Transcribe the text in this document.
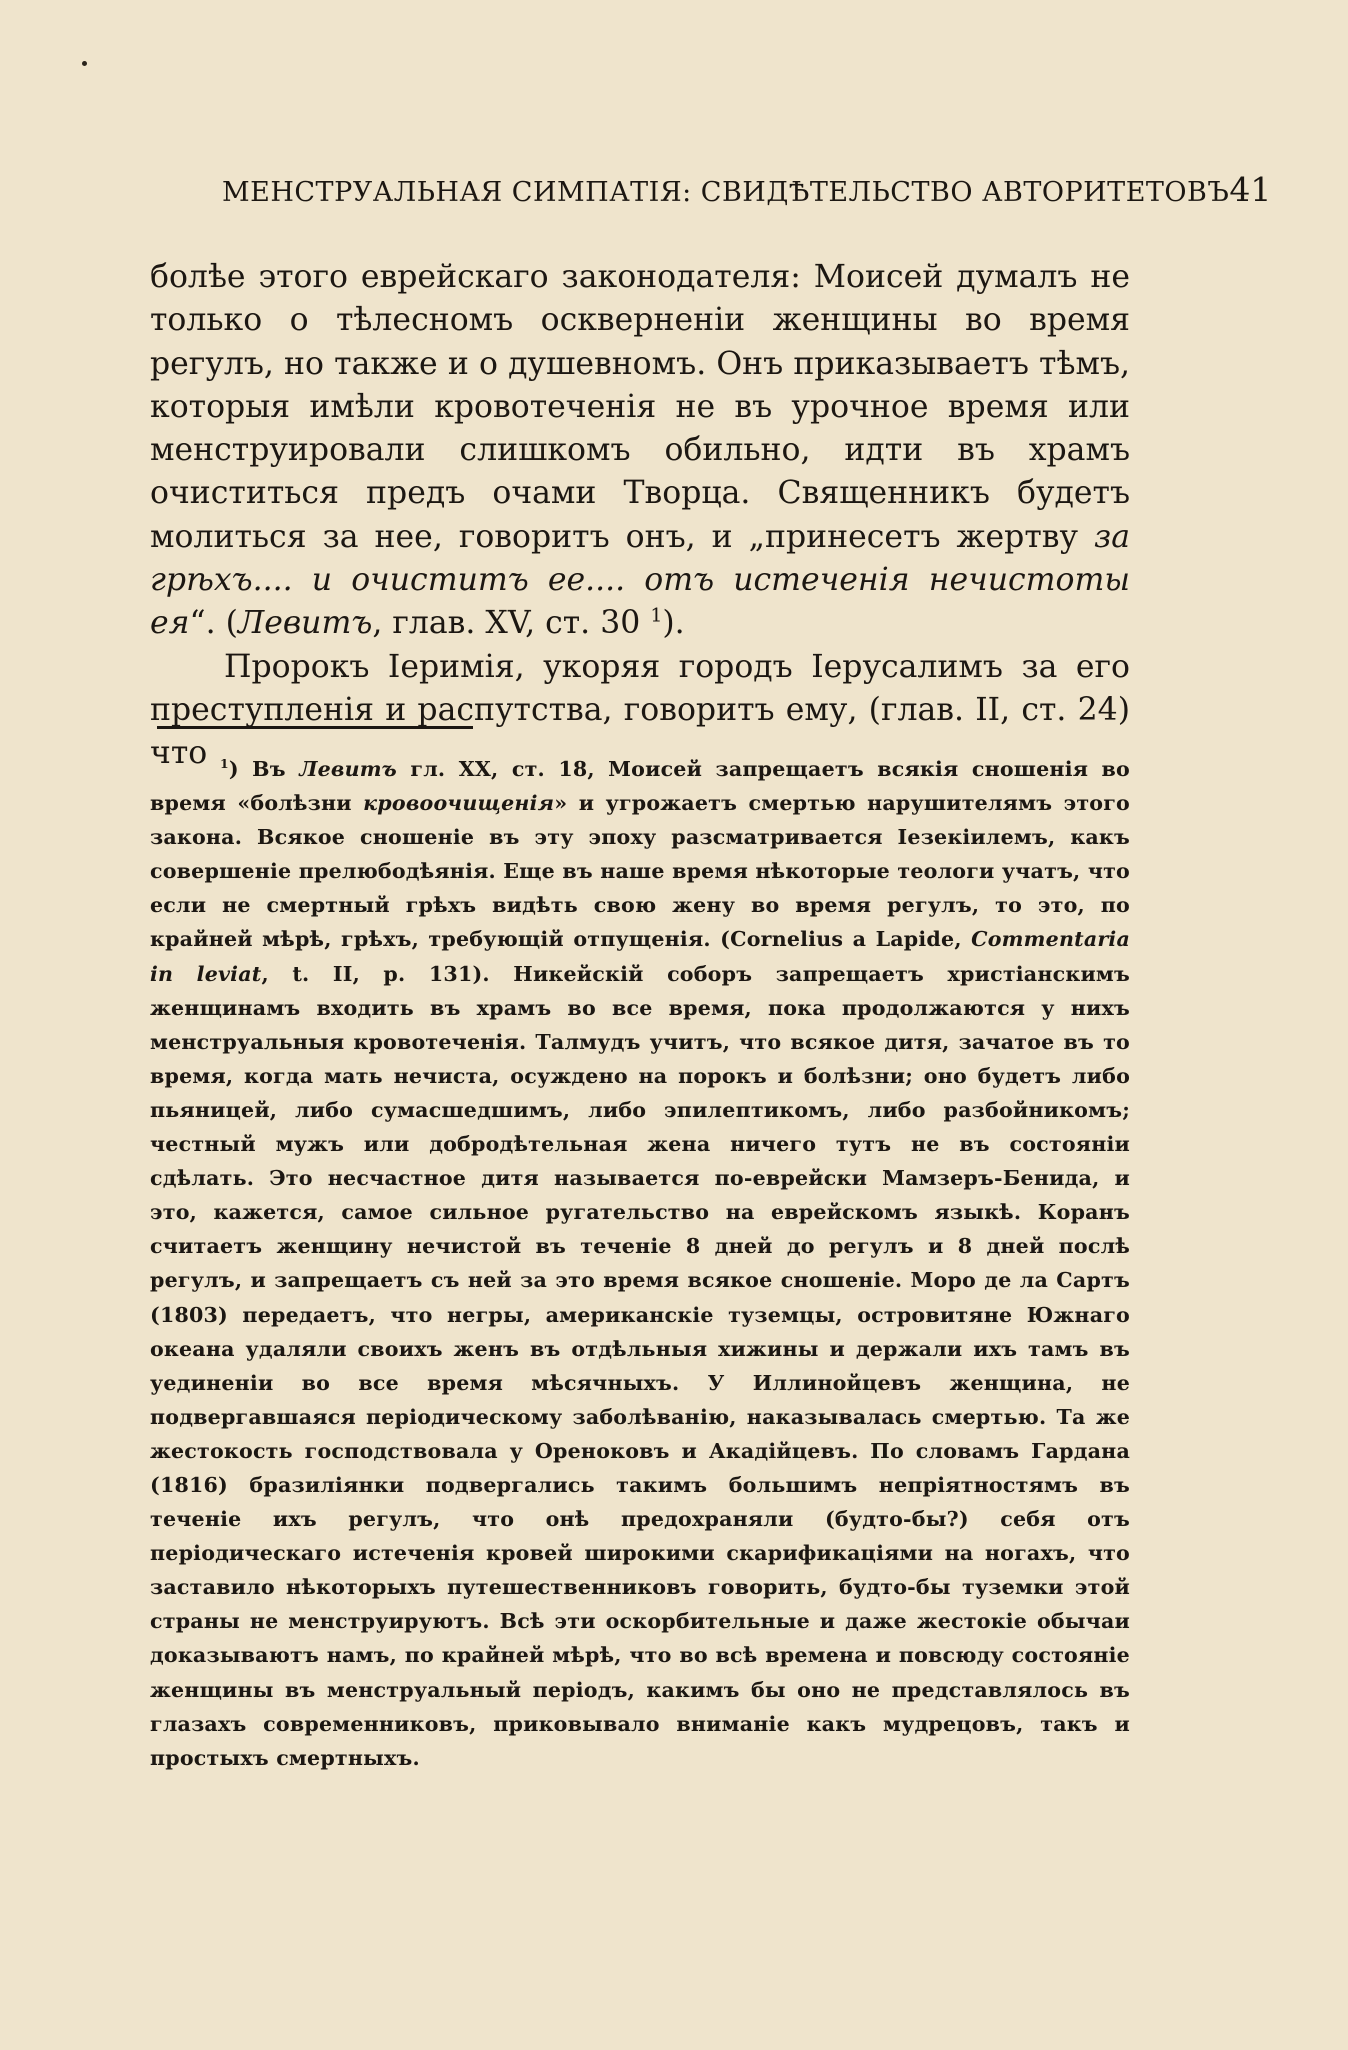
МЕНСТРУАЛЬНАЯ СИМПАТІЯ: СВИДѢТЕЛЬСТВО АВТОРИТЕТОВЪ 41

болѣе этого еврейскаго законодателя: Моисей думалъ не только о тѣлесномъ оскверненіи женщины во время регулъ, но также и о душевномъ. Онъ приказываетъ тѣмъ, которыя имѣли кровотеченія не въ урочное время или менструировали слишкомъ обильно, идти въ храмъ очиститься предъ очами Творца. Священникъ будетъ молиться за нее, говоритъ онъ, и „принесетъ жертву за грѣхъ.... и очиститъ ее.... отъ истеченія нечистоты ея“. (Левитъ, глав. XV, ст. 30 $^1$).

Пророкъ Іеримія, укоряя городъ Іерусалимъ за его преступленія и распутства, говоритъ ему, (глав. II, ст. 24) что	$^1$) Въ Левитъ гл. XX, ст. 18, Моисей запрещаетъ всякія сношенія во время «болѣзни кровоочищенія» и угрожаетъ смертью нарушителямъ этого закона. Всякое сношеніе въ эту эпоху разсматривается Іезекіилемъ, какъ совершеніе прелюбодѣянія. Еще въ наше время нѣкоторые теологи учатъ, что если не смертный грѣхъ видѣть свою жену во время регулъ, то это, по крайней мѣрѣ, грѣхъ, требующій отпущенія. (Cornelius a Lapide, Commentaria in leviat, t. II, p. 131). Никейскій соборъ запрещаетъ христіанскимъ женщинамъ входить въ храмъ во все время, пока продолжаются у нихъ менструальныя кровотеченія. Талмудъ учитъ, что всякое дитя, зачатое въ то время, когда мать нечиста, осуждено на порокъ и болѣзни; оно будетъ либо пьяницей, либо сумасшедшимъ, либо эпилептикомъ, либо разбойникомъ; честный мужъ или добродѣтельная жена ничего тутъ не въ состояніи сдѣлать. Это несчастное дитя называется по-еврейски Мамзеръ-Бенида, и это, кажется, самое сильное ругательство на еврейскомъ языкѣ. Коранъ считаетъ женщину нечистой въ теченіе 8 дней до регулъ и 8 дней послѣ регулъ, и запрещаетъ съ ней за это время всякое сношеніе. Моро де ла Сартъ (1803) передаетъ, что негры, американскіе туземцы, островитяне Южнаго океана удаляли своихъ женъ въ отдѣльныя хижины и держали ихъ тамъ въ уединеніи во все время мѣсячныхъ. У Иллинойцевъ женщина, не подвергавшаяся періодическому заболѣванію, наказывалась смертью. Та же жестокость господствовала у Ореноковъ и Акадійцевъ. По словамъ Гардана (1816) бразиліянки подвергались такимъ большимъ непріятностямъ въ теченіе ихъ регулъ, что онѣ предохраняли (будто-бы?) себя отъ періодическаго истеченія кровей широкими скарификаціями на ногахъ, что заставило нѣкоторыхъ путешественниковъ говорить, будто-бы туземки этой страны не менструируютъ. Всѣ эти оскорбительные и даже жестокіе обычаи доказываютъ намъ, по крайней мѣрѣ, что во всѣ времена и повсюду состояніе женщины въ менструальный періодъ, какимъ бы оно не представлялось въ глазахъ современниковъ, приковывало вниманіе какъ мудрецовъ, такъ и простыхъ смертныхъ.
